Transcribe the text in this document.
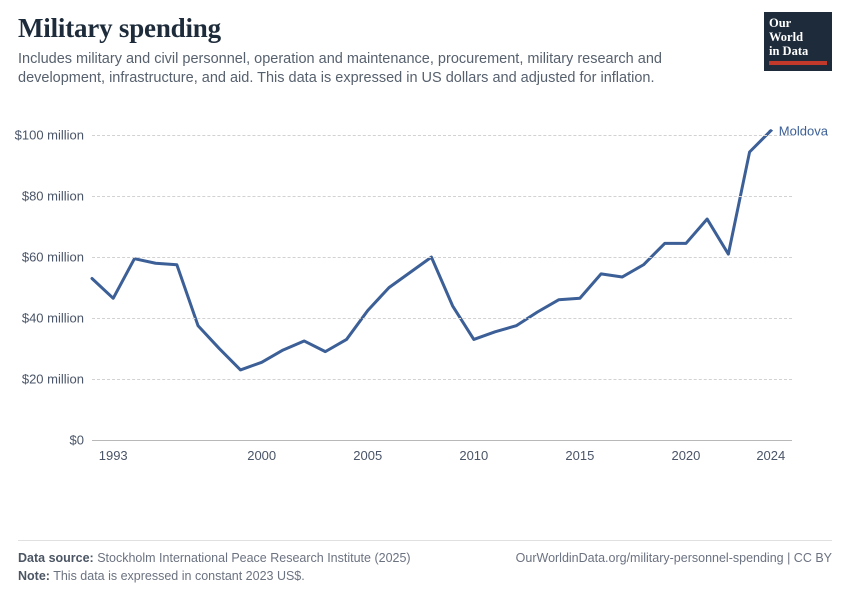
Military spending

Includes military and civil personnel, operation and maintenance, procurement, military research and development, infrastructure, and aid. This data is expressed in US dollars and adjusted for inflation.

Our World
in Data
$0
$20 million
$40 million
$60 million
$80 million
$100 million
1993	2000	2005	2010	2015	2020	2024
Moldova
Data source: Stockholm International Peace Research Institute (2025)	OurWorldinData.org/military-personnel-spending | CC BY
Note: This data is expressed in constant 2023 US$.
